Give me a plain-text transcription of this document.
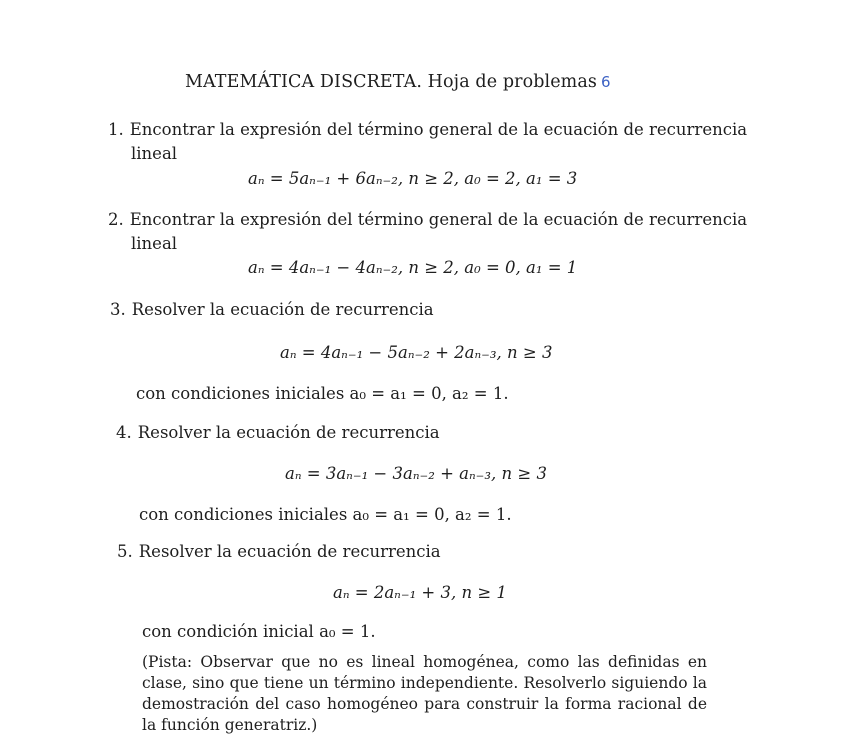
MATEMÁTICA DISCRETA. Hoja de problemas 6
1. Encontrar la expresión del término general de la ecuación de recurrencia
lineal
aₙ = 5aₙ₋₁ + 6aₙ₋₂, n ≥ 2, a₀ = 2, a₁ = 3
2. Encontrar la expresión del término general de la ecuación de recurrencia
lineal
aₙ = 4aₙ₋₁ − 4aₙ₋₂, n ≥ 2, a₀ = 0, a₁ = 1
3. Resolver la ecuación de recurrencia
aₙ = 4aₙ₋₁ − 5aₙ₋₂ + 2aₙ₋₃, n ≥ 3
con condiciones iniciales a₀ = a₁ = 0, a₂ = 1.
4. Resolver la ecuación de recurrencia
aₙ = 3aₙ₋₁ − 3aₙ₋₂ + aₙ₋₃, n ≥ 3
con condiciones iniciales a₀ = a₁ = 0, a₂ = 1.
5. Resolver la ecuación de recurrencia
aₙ = 2aₙ₋₁ + 3, n ≥ 1
con condición inicial a₀ = 1.
(Pista: Observar que no es lineal homogénea, como las definidas en clase, sino que tiene un término independiente. Resolverlo siguiendo la demostración del caso homogéneo para construir la forma racional de la función generatriz.)
